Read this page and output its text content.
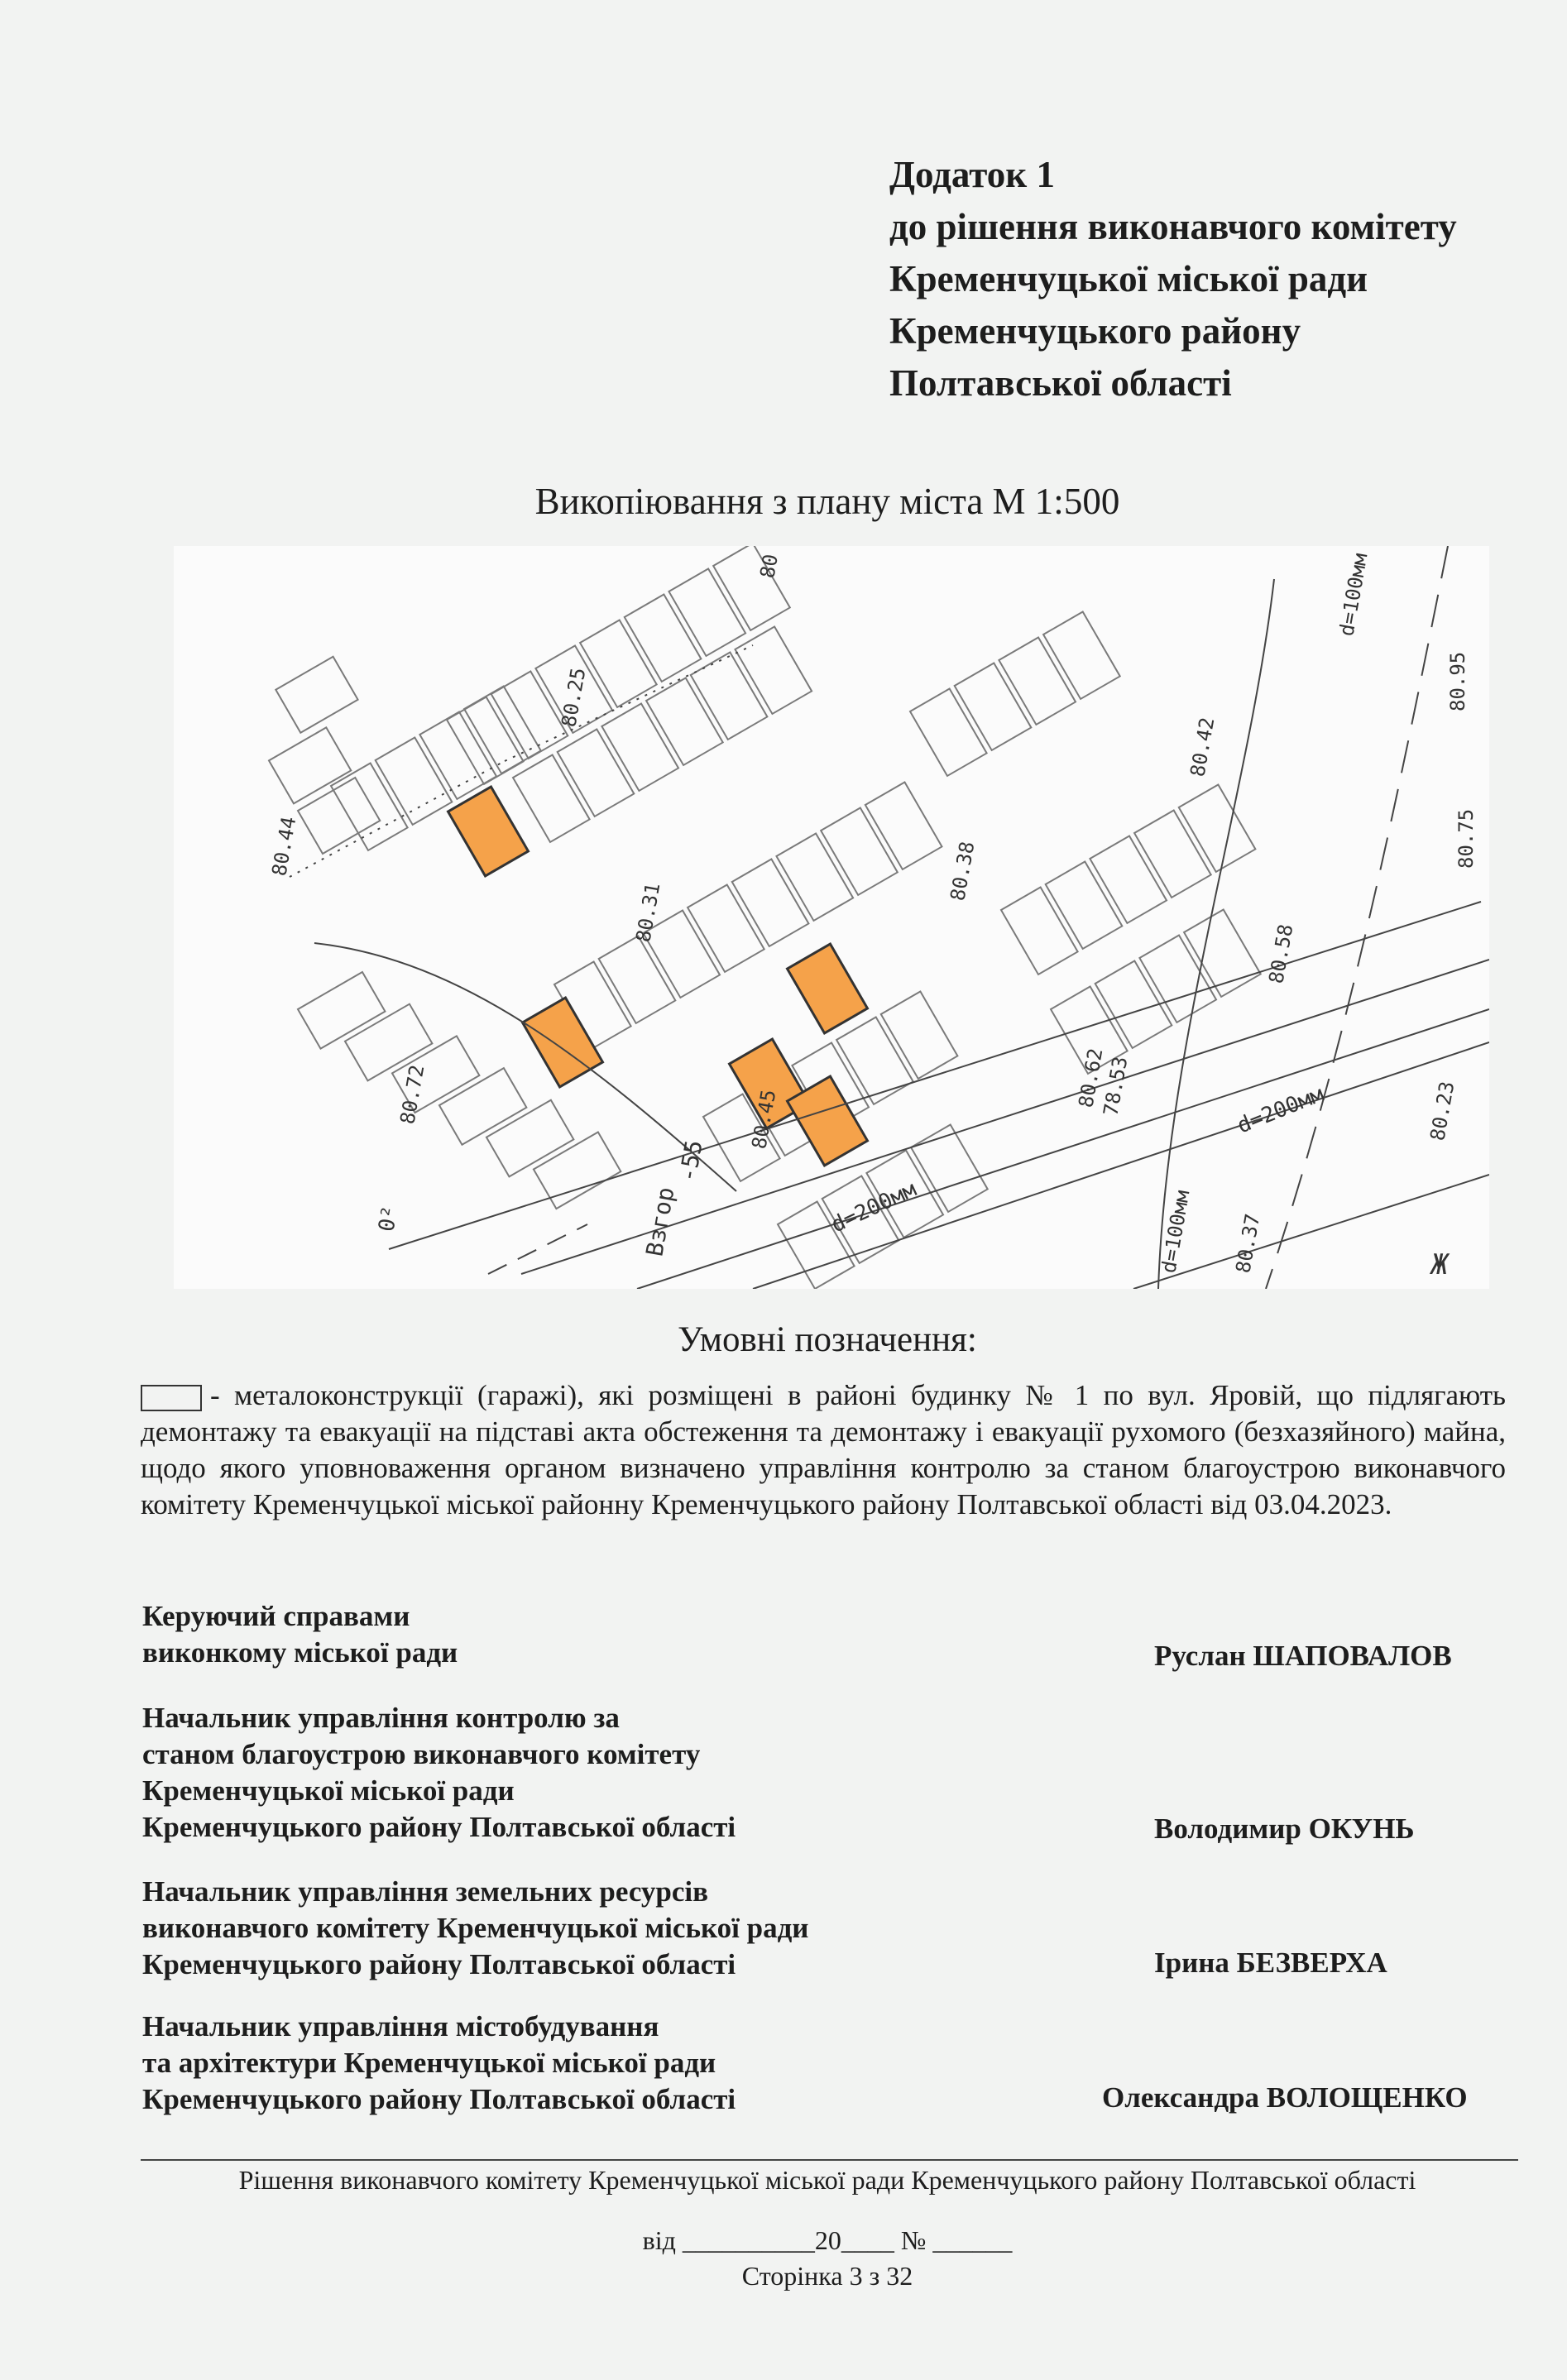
Додаток 1
до рішення виконавчого комітету
Кременчуцької міської ради
Кременчуцького району
Полтавської області
Викопіювання з плану міста М 1:500
80.44
80.25
80
80.31
80.38
80.42
80.95
80.75
80.72
80.58
80.62
78.53
80.45	80.23
80.37
Взгор
-55
d=200мм
d=200мм
d=100мм
d=100мм	Ж
0²
Умовні позначення:
- металоконструкції (гаражі), які розміщені в районі будинку № 1 по вул. Яровій, що підлягають демонтажу та евакуації на підставі акта обстеження та демонтажу і евакуації рухомого (безхазяйного) майна, щодо якого уповноваження органом визначено управління контролю за станом благоустрою виконавчого комітету Кременчуцької міської районну Кременчуцького району Полтавської області від 03.04.2023.
Керуючий справами
виконкому міської ради	Руслан ШАПОВАЛОВ
Начальник управління контролю за
станом благоустрою виконавчого комітету
Кременчуцької міської ради
Кременчуцького району Полтавської області	Володимир ОКУНЬ
Начальник управління земельних ресурсів
виконавчого комітету Кременчуцької міської ради
Кременчуцького району Полтавської області	Ірина БЕЗВЕРХА
Начальник управління містобудування
та архітектури Кременчуцької міської ради
Кременчуцького району Полтавської області	Олександра ВОЛОЩЕНКО
Рішення виконавчого комітету Кременчуцької міської ради Кременчуцького району Полтавської області
від __________20____ № ______
Сторінка 3 з 32
